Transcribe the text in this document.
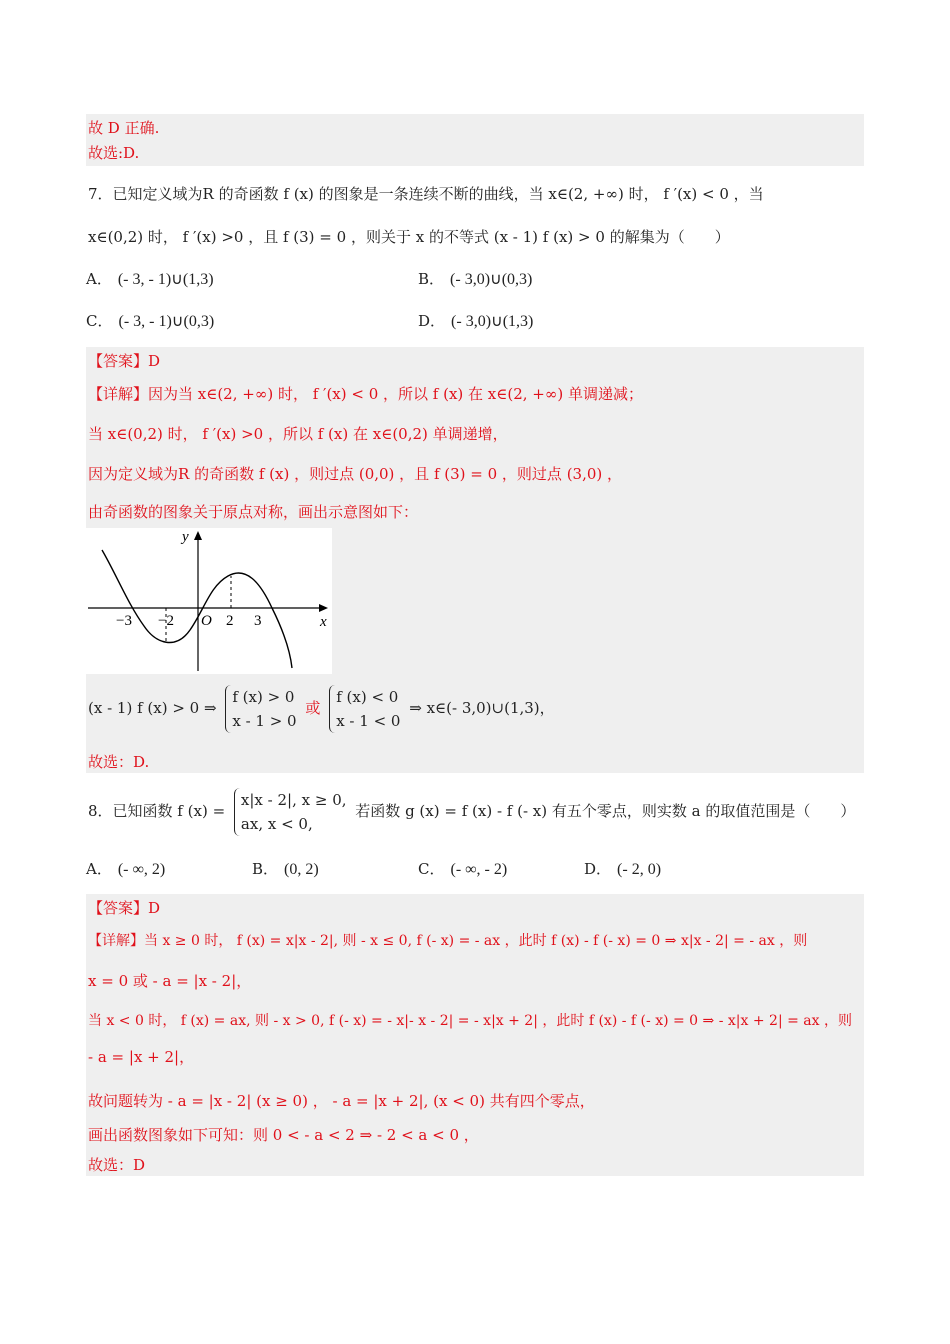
故 D 正确.
故选:D.
7．已知定义域为R 的奇函数 f (x) 的图象是一条连续不断的曲线，当 x∈(2, +∞) 时， f ′(x) < 0 ，当
x∈(0,2) 时， f ′(x) >0 ，且 f (3) = 0 ，则关于 x 的不等式 (x - 1) f (x) > 0 的解集为（　　）
A． (- 3, - 1)∪(1,3)	B． (- 3,0)∪(0,3)
C． (- 3, - 1)∪(0,3)	D． (- 3,0)∪(1,3)
【答案】D
【详解】因为当 x∈(2, +∞) 时， f ′(x) < 0 ，所以 f (x) 在 x∈(2, +∞) 单调递减；
当 x∈(0,2) 时， f ′(x) >0 ，所以 f (x) 在 x∈(0,2) 单调递增，
因为定义域为R 的奇函数 f (x) ，则过点 (0,0) ，且 f (3) = 0 ，则过点 (3,0) ，
由奇函数的图象关于原点对称，画出示意图如下：
(x - 1) f (x) > 0 ⇒
f (x) > 0
x - 1 > 0
或
f (x) < 0
x - 1 < 0
⇒ x∈(- 3,0)∪(1,3)，
故选：D.
y
x
O
−3 −2	2 3
8．已知函数 f (x) =
x|x - 2|, x ≥ 0,
ax, x < 0,
若函数 g (x) = f (x) - f (- x) 有五个零点，则实数 a 的取值范围是（　　）
A． (- ∞, 2)	B． (0, 2)	C． (- ∞, - 2)	D． (- 2, 0)
【答案】D
【详解】当 x ≥ 0 时， f (x) = x|x - 2|, 则 - x ≤ 0, f (- x) = - ax ，此时 f (x) - f (- x) = 0 ⇒ x|x - 2| = - ax ，则
x = 0 或 - a = |x - 2|，
当 x < 0 时， f (x) = ax, 则 - x > 0, f (- x) = - x|- x - 2| = - x|x + 2| ，此时 f (x) - f (- x) = 0 ⇒ - x|x + 2| = ax ，则
- a = |x + 2|，
故问题转为 - a = |x - 2| (x ≥ 0) ， - a = |x + 2|, (x < 0) 共有四个零点，
画出函数图象如下可知：则 0 < - a < 2 ⇒ - 2 < a < 0 ，
故选：D
